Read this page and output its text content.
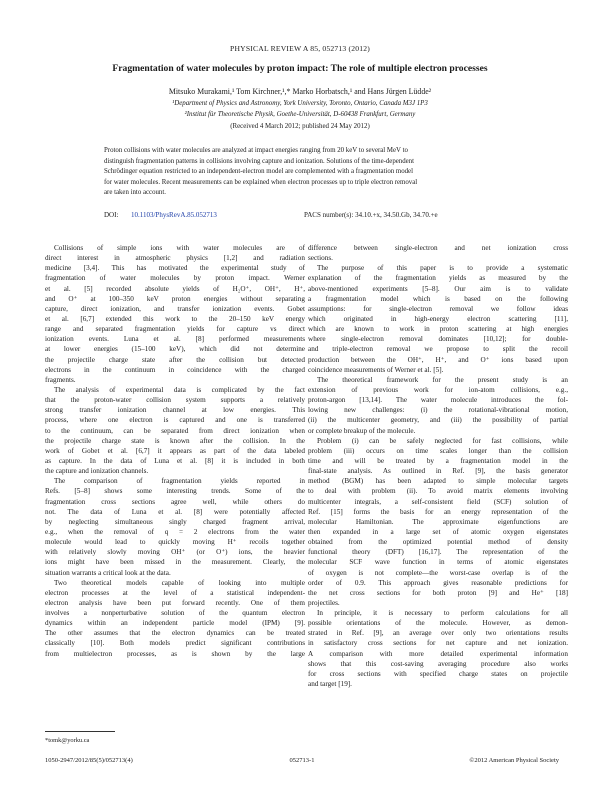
PHYSICAL REVIEW A 85, 052713 (2012)
Fragmentation of water molecules by proton impact: The role of multiple electron processes
Mitsuko Murakami,¹ Tom Kirchner,¹,* Marko Horbatsch,¹ and Hans Jürgen Lüdde²
¹Department of Physics and Astronomy, York University, Toronto, Ontario, Canada M3J 1P3
²Institut für Theoretische Physik, Goethe-Universität, D-60438 Frankfurt, Germany
(Received 4 March 2012; published 24 May 2012)
Proton collisions with water molecules are analyzed at impact energies ranging from 20 keV to several MeV to
distinguish fragmentation patterns in collisions involving capture and ionization. Solutions of the time-dependent
Schrödinger equation restricted to an independent-electron model are complemented with a fragmentation model
for water molecules. Recent measurements can be explained when electron processes up to triple electron removal
are taken into account.
DOI: 10.1103/PhysRevA.85.052713	PACS number(s): 34.10.+x, 34.50.Gb, 34.70.+e
Collisions of simple ions with water molecules are of
direct interest in atmospheric physics [1,2] and radiation
medicine [3,4]. This has motivated the experimental study of
fragmentation of water molecules by proton impact. Werner
et al. [5] recorded absolute yields of H₂O⁺, OH⁺, H⁺,
and O⁺ at 100–350 keV proton energies without separating
capture, direct ionization, and transfer ionization events. Gobet
et al. [6,7] extended this work to the 20–150 keV energy
range and separated fragmentation yields for capture vs direct
ionization events. Luna et al. [8] performed measurements
at lower energies (15–100 keV), which did not determine
the projectile charge state after the collision but detected
electrons in the continuum in coincidence with the charged
fragments.
The analysis of experimental data is complicated by the fact
that the proton-water collision system supports a relatively
strong transfer ionization channel at low energies. This
process, where one electron is captured and one is transferred
to the continuum, can be separated from direct ionization when
the projectile charge state is known after the collision. In the
work of Gobet et al. [6,7] it appears as part of the data labeled
as capture. In the data of Luna et al. [8] it is included in both
the capture and ionization channels.
The comparison of fragmentation yields reported in
Refs. [5–8] shows some interesting trends. Some of the
fragmentation cross sections agree well, while others do
not. The data of Luna et al. [8] were potentially affected
by neglecting simultaneous singly charged fragment arrival,
e.g., when the removal of q = 2 electrons from the water
molecule would lead to quickly moving H⁺ recoils together
with relatively slowly moving OH⁺ (or O⁺) ions, the heavier
ions might have been missed in the measurement. Clearly, the
situation warrants a critical look at the data.
Two theoretical models capable of looking into multiple
electron processes at the level of a statistical independent-
electron analysis have been put forward recently. One of them
involves a nonperturbative solution of the quantum electron
dynamics within an independent particle model (IPM) [9].
The other assumes that the electron dynamics can be treated
classically [10]. Both models predict significant contributions
from multielectron processes, as is shown by the large
difference between single-electron and net ionization cross
sections.
The purpose of this paper is to provide a systematic
explanation of the fragmentation yields as measured by the
above-mentioned experiments [5–8]. Our aim is to validate
a fragmentation model which is based on the following
assumptions: for single-electron removal we follow ideas
which originated in high-energy electron scattering [11],
which are known to work in proton scattering at high energies
where single-electron removal dominates [10,12]; for double-
and triple-electron removal we propose to split the recoil
production between the OH⁺, H⁺, and O⁺ ions based upon
coincidence measurements of Werner et al. [5].
The theoretical framework for the present study is an
extension of previous work for ion-atom collisions, e.g.,
proton-argon [13,14]. The water molecule introduces the fol-
lowing new challenges: (i) the rotational-vibrational motion,
(ii) the multicenter geometry, and (iii) the possibility of partial
or complete breakup of the molecule.
Problem (i) can be safely neglected for fast collisions, while
problem (iii) occurs on time scales longer than the collision
time and will be treated by a fragmentation model in the
final-state analysis. As outlined in Ref. [9], the basis generator
method (BGM) has been adapted to simple molecular targets
to deal with problem (ii). To avoid matrix elements involving
multicenter integrals, a self-consistent field (SCF) solution of
Ref. [15] forms the basis for an energy representation of the
molecular Hamiltonian. The approximate eigenfunctions are
then expanded in a large set of atomic oxygen eigenstates
obtained from the optimized potential method of density
functional theory (DFT) [16,17]. The representation of the
molecular SCF wave function in terms of atomic eigenstates
of oxygen is not complete—the worst-case overlap is of the
order of 0.9. This approach gives reasonable predictions for
the net cross sections for both proton [9] and He⁺ [18]
projectiles.
In principle, it is necessary to perform calculations for all
possible orientations of the molecule. However, as demon-
strated in Ref. [9], an average over only two orientations results
in satisfactory cross sections for net capture and net ionization.
A comparison with more detailed experimental information
shows that this cost-saving averaging procedure also works
for cross sections with specified charge states on projectile
and target [19].
*tomk@yorku.ca
1050-2947/2012/85(5)/052713(4)	052713-1	©2012 American Physical Society
